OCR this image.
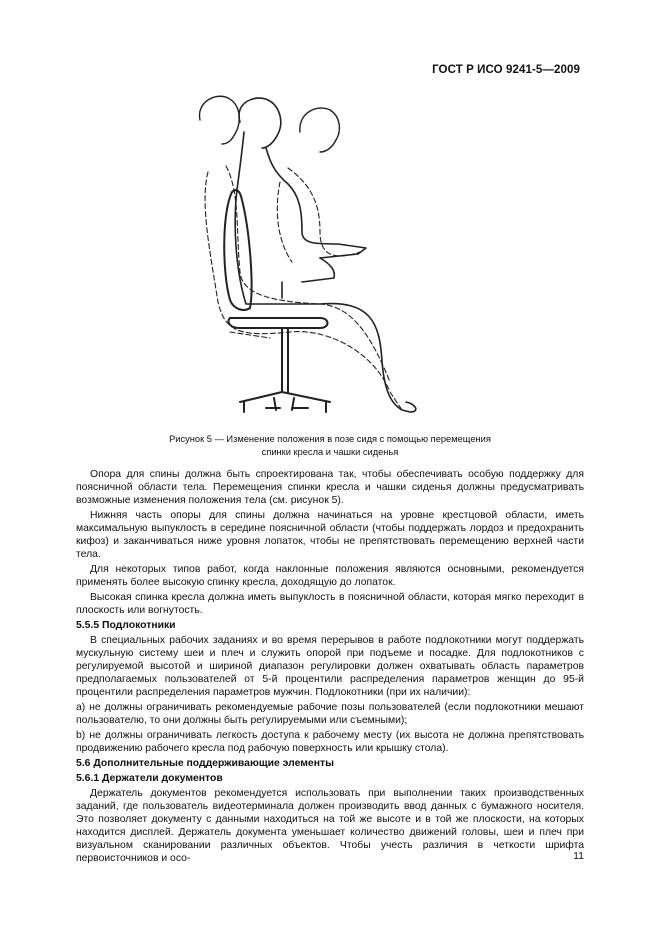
ГОСТ Р ИСО 9241-5—2009
Рисунок 5 — Изменение положения в позе сидя с помощью перемещения
спинки кресла и чашки сиденья

Опора для спины должна быть спроектирована так, чтобы обеспечивать особую поддержку для поясничной области тела. Перемещения спинки кресла и чашки сиденья должны предусматривать возможные изменения положения тела (см. рисунок 5).

Нижняя часть опоры для спины должна начинаться на уровне крестцовой области, иметь максимальную выпуклость в середине поясничной области (чтобы поддержать лордоз и предохранить кифоз) и заканчиваться ниже уровня лопаток, чтобы не препятствовать перемещению верхней части тела.

Для некоторых типов работ, когда наклонные положения являются основными, рекомендуется применять более высокую спинку кресла, доходящую до лопаток.

Высокая спинка кресла должна иметь выпуклость в поясничной области, которая мягко переходит в плоскость или вогнутость.

5.5.5 Подлокотники

В специальных рабочих заданиях и во время перерывов в работе подлокотники могут поддержать мускульную систему шеи и плеч и служить опорой при подъеме и посадке. Для подлокотников с регулируемой высотой и шириной диапазон регулировки должен охватывать область параметров предполагаемых пользователей от 5-й процентили распределения параметров женщин до 95-й процентили распределения параметров мужчин. Подлокотники (при их наличии):

a) не должны ограничивать рекомендуемые рабочие позы пользователей (если подлокотники мешают пользователю, то они должны быть регулируемыми или съемными);

b) не должны ограничивать легкость доступа к рабочему месту (их высота не должна препятствовать продвижению рабочего кресла под рабочую поверхность или крышку стола).

5.6 Дополнительные поддерживающие элементы

5.6.1 Держатели документов

Держатель документов рекомендуется использовать при выполнении таких производственных заданий, где пользователь видеотерминала должен производить ввод данных с бумажного носителя. Это позволяет документу с данными находиться на той же высоте и в той же плоскости, на которых находится дисплей. Держатель документа уменьшает количество движений головы, шеи и плеч при визуальном сканировании различных объектов. Чтобы учесть различия в четкости шрифта первоисточников и осо-	11
